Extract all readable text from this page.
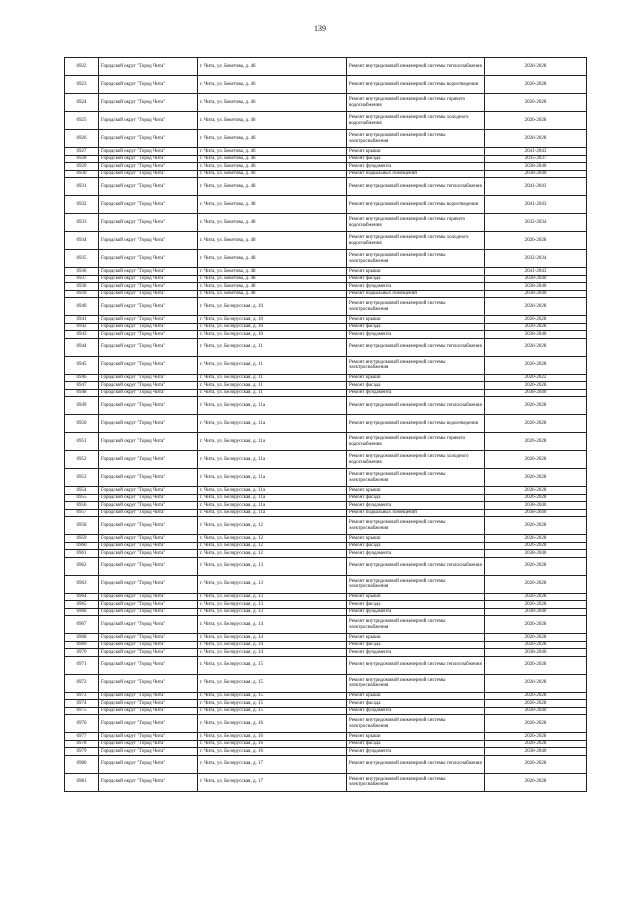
139
6922	Городской округ "Город Чита"	г. Чита, ул. Бекетова, д. 46	Ремонт внутридомовой инженерной системы теплоснабжения	2026-2028
6923	Городской округ "Город Чита"	г. Чита, ул. Бекетова, д. 46	Ремонт внутридомовой инженерной системы водоотведения	2026-2028
6924	Городской округ "Город Чита"	г. Чита, ул. Бекетова, д. 46	Ремонт внутридомовой инженерной системы горячего водоснабжения	2026-2028
6925	Городской округ "Город Чита"	г. Чита, ул. Бекетова, д. 46	Ремонт внутридомовой инженерной системы холодного водоснабжения	2026-2028
6926	Городской округ "Город Чита"	г. Чита, ул. Бекетова, д. 46	Ремонт внутридомовой инженерной системы электроснабжения	2026-2028
6927	Городской округ "Город Чита"	г. Чита, ул. Бекетова, д. 46	Ремонт крыши	2041-2043
6928	Городской округ "Город Чита"	г. Чита, ул. Бекетова, д. 46	Ремонт фасада	2035-2037
6929	Городской округ "Город Чита"	г. Чита, ул. Бекетова, д. 46	Ремонт фундамента	2038-2040
6930	Городской округ "Город Чита"	г. Чита, ул. Бекетова, д. 46	Ремонт подвальных помещений	2038-2040
6931	Городской округ "Город Чита"	г. Чита, ул. Бекетова, д. 48	Ремонт внутридомовой инженерной системы теплоснабжения	2041-2043
6932	Городской округ "Город Чита"	г. Чита, ул. Бекетова, д. 48	Ремонт внутридомовой инженерной системы водоотведения	2041-2043
6933	Городской округ "Город Чита"	г. Чита, ул. Бекетова, д. 48	Ремонт внутридомовой инженерной системы горячего водоснабжения	2032-2034
6934	Городской округ "Город Чита"	г. Чита, ул. Бекетова, д. 48	Ремонт внутридомовой инженерной системы холодного водоснабжения	2026-2028
6935	Городской округ "Город Чита"	г. Чита, ул. Бекетова, д. 48	Ремонт внутридомовой инженерной системы электроснабжения	2032-2034
6936	Городской округ "Город Чита"	г. Чита, ул. Бекетова, д. 48	Ремонт крыши	2041-2043
6937	Городской округ "Город Чита"	г. Чита, ул. Бекетова, д. 48	Ремонт фасада	2038-2040
6938	Городской округ "Город Чита"	г. Чита, ул. Бекетова, д. 48	Ремонт фундамента	2038-2040
6939	Городской округ "Город Чита"	г. Чита, ул. Бекетова, д. 48	Ремонт подвальных помещений	2038-2040
6940	Городской округ "Город Чита"	г. Чита, ул. Белорусская, д. 10	Ремонт внутридомовой инженерной системы электроснабжения	2026-2028
6941	Городской округ "Город Чита"	г. Чита, ул. Белорусская, д. 10	Ремонт крыши	2026-2028
6942	Городской округ "Город Чита"	г. Чита, ул. Белорусская, д. 10	Ремонт фасада	2026-2028
6943	Городской округ "Город Чита"	г. Чита, ул. Белорусская, д. 10	Ремонт фундамента	2038-2040
6944	Городской округ "Город Чита"	г. Чита, ул. Белорусская, д. 11	Ремонт внутридомовой инженерной системы теплоснабжения	2026-2028
6945	Городской округ "Город Чита"	г. Чита, ул. Белорусская, д. 11	Ремонт внутридомовой инженерной системы электроснабжения	2026-2028
6946	Городской округ "Город Чита"	г. Чита, ул. Белорусская, д. 11	Ремонт крыши	2020-2022
6947	Городской округ "Город Чита"	г. Чита, ул. Белорусская, д. 11	Ремонт фасада	2026-2028
6948	Городской округ "Город Чита"	г. Чита, ул. Белорусская, д. 11	Ремонт фундамента	2038-2040
6949	Городской округ "Город Чита"	г. Чита, ул. Белорусская, д. 11а	Ремонт внутридомовой инженерной системы теплоснабжения	2026-2028
6950	Городской округ "Город Чита"	г. Чита, ул. Белорусская, д. 11а	Ремонт внутридомовой инженерной системы водоотведения	2026-2028
6951	Городской округ "Город Чита"	г. Чита, ул. Белорусская, д. 11а	Ремонт внутридомовой инженерной системы горячего водоснабжения	2026-2028
6952	Городской округ "Город Чита"	г. Чита, ул. Белорусская, д. 11а	Ремонт внутридомовой инженерной системы холодного водоснабжения	2026-2028
6953	Городской округ "Город Чита"	г. Чита, ул. Белорусская, д. 11а	Ремонт внутридомовой инженерной системы электроснабжения	2026-2028
6954	Городской округ "Город Чита"	г. Чита, ул. Белорусская, д. 11а	Ремонт крыши	2026-2028
6955	Городской округ "Город Чита"	г. Чита, ул. Белорусская, д. 11а	Ремонт фасада	2026-2028
6956	Городской округ "Город Чита"	г. Чита, ул. Белорусская, д. 11а	Ремонт фундамента	2038-2040
6957	Городской округ "Город Чита"	г. Чита, ул. Белорусская, д. 11а	Ремонт подвальных помещений	2038-2040
6958	Городской округ "Город Чита"	г. Чита, ул. Белорусская, д. 12	Ремонт внутридомовой инженерной системы электроснабжения	2026-2028
6959	Городской округ "Город Чита"	г. Чита, ул. Белорусская, д. 12	Ремонт крыши	2026-2028
6960	Городской округ "Город Чита"	г. Чита, ул. Белорусская, д. 12	Ремонт фасада	2026-2028
6961	Городской округ "Город Чита"	г. Чита, ул. Белорусская, д. 12	Ремонт фундамента	2038-2040
6962	Городской округ "Город Чита"	г. Чита, ул. Белорусская, д. 13	Ремонт внутридомовой инженерной системы теплоснабжения	2026-2028
6963	Городской округ "Город Чита"	г. Чита, ул. Белорусская, д. 13	Ремонт внутридомовой инженерной системы электроснабжения	2026-2028
6964	Городской округ "Город Чита"	г. Чита, ул. Белорусская, д. 13	Ремонт крыши	2026-2028
6965	Городской округ "Город Чита"	г. Чита, ул. Белорусская, д. 13	Ремонт фасада	2026-2028
6966	Городской округ "Город Чита"	г. Чита, ул. Белорусская, д. 13	Ремонт фундамента	2038-2040
6967	Городской округ "Город Чита"	г. Чита, ул. Белорусская, д. 14	Ремонт внутридомовой инженерной системы электроснабжения	2026-2028
6968	Городской округ "Город Чита"	г. Чита, ул. Белорусская, д. 14	Ремонт крыши	2026-2028
6969	Городской округ "Город Чита"	г. Чита, ул. Белорусская, д. 14	Ремонт фасада	2026-2028
6970	Городской округ "Город Чита"	г. Чита, ул. Белорусская, д. 14	Ремонт фундамента	2038-2040
6971	Городской округ "Город Чита"	г. Чита, ул. Белорусская, д. 15	Ремонт внутридомовой инженерной системы теплоснабжения	2026-2028
6972	Городской округ "Город Чита"	г. Чита, ул. Белорусская, д. 15	Ремонт внутридомовой инженерной системы электроснабжения	2026-2028
6973	Городской округ "Город Чита"	г. Чита, ул. Белорусская, д. 15	Ремонт крыши	2026-2028
6974	Городской округ "Город Чита"	г. Чита, ул. Белорусская, д. 15	Ремонт фасада	2026-2028
6975	Городской округ "Город Чита"	г. Чита, ул. Белорусская, д. 15	Ремонт фундамента	2038-2040
6976	Городской округ "Город Чита"	г. Чита, ул. Белорусская, д. 16	Ремонт внутридомовой инженерной системы электроснабжения	2026-2028
6977	Городской округ "Город Чита"	г. Чита, ул. Белорусская, д. 16	Ремонт крыши	2026-2028
6978	Городской округ "Город Чита"	г. Чита, ул. Белорусская, д. 16	Ремонт фасада	2026-2028
6979	Городской округ "Город Чита"	г. Чита, ул. Белорусская, д. 16	Ремонт фундамента	2038-2040
6980	Городской округ "Город Чита"	г. Чита, ул. Белорусская, д. 17	Ремонт внутридомовой инженерной системы теплоснабжения	2026-2028
6981	Городской округ "Город Чита"	г. Чита, ул. Белорусская, д. 17	Ремонт внутридомовой инженерной системы электроснабжения	2026-2028
